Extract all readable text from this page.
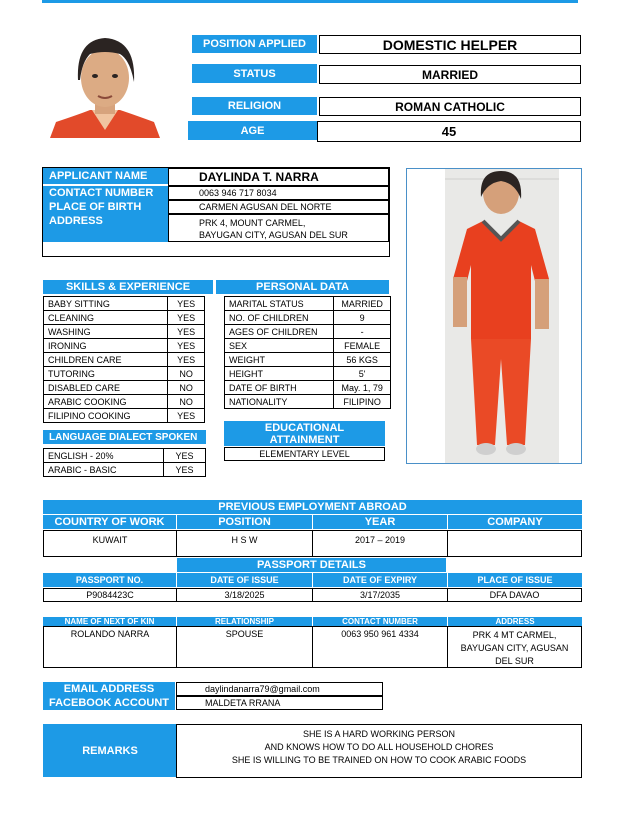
POSITION APPLIED	DOMESTIC HELPER
STATUS	MARRIED
RELIGION	ROMAN CATHOLIC
AGE	45
APPLICANT NAME	DAYLINDA T. NARRA
CONTACT NUMBER	0063 946 717 8034
PLACE OF BIRTH	CARMEN AGUSAN DEL NORTE
ADDRESS	PRK 4, MOUNT CARMEL,
BAYUGAN CITY, AGUSAN DEL SUR
SKILLS & EXPERIENCE	PERSONAL DATA
BABY SITTING	YES
CLEANING	YES
WASHING	YES
IRONING	YES
CHILDREN CARE	YES
TUTORING	NO
DISABLED CARE	NO
ARABIC COOKING	NO
FILIPINO COOKING	YES
MARITAL STATUS	MARRIED
NO. OF CHILDREN	9
AGES OF CHILDREN	-
SEX	FEMALE
WEIGHT	56 KGS
HEIGHT	5'
DATE OF BIRTH	May. 1, 79
NATIONALITY	FILIPINO
LANGUAGE DIALECT SPOKEN
ENGLISH - 20%	YES
ARABIC - BASIC	YES
EDUCATIONAL
ATTAINMENT
ELEMENTARY LEVEL
PREVIOUS EMPLOYMENT ABROAD
COUNTRY OF WORK	POSITION	YEAR	COMPANY
KUWAIT	H S W	2017 – 2019
PASSPORT DETAILS
PASSPORT NO.	DATE OF ISSUE	DATE OF EXPIRY	PLACE OF ISSUE
P9084423C	3/18/2025	3/17/2035	DFA DAVAO
NAME OF NEXT OF KIN	RELATIONSHIP	CONTACT NUMBER	ADDRESS
ROLANDO NARRA	SPOUSE	0063 950 961 4334	PRK 4 MT CARMEL,
BAYUGAN CITY, AGUSAN
DEL SUR
EMAIL ADDRESS	daylindanarra79@gmail.com
FACEBOOK ACCOUNT	MALDETA RRANA
REMARKS
SHE IS A HARD WORKING PERSON
AND KNOWS HOW TO DO ALL HOUSEHOLD CHORES
SHE IS WILLING TO BE TRAINED ON HOW TO COOK ARABIC FOODS
